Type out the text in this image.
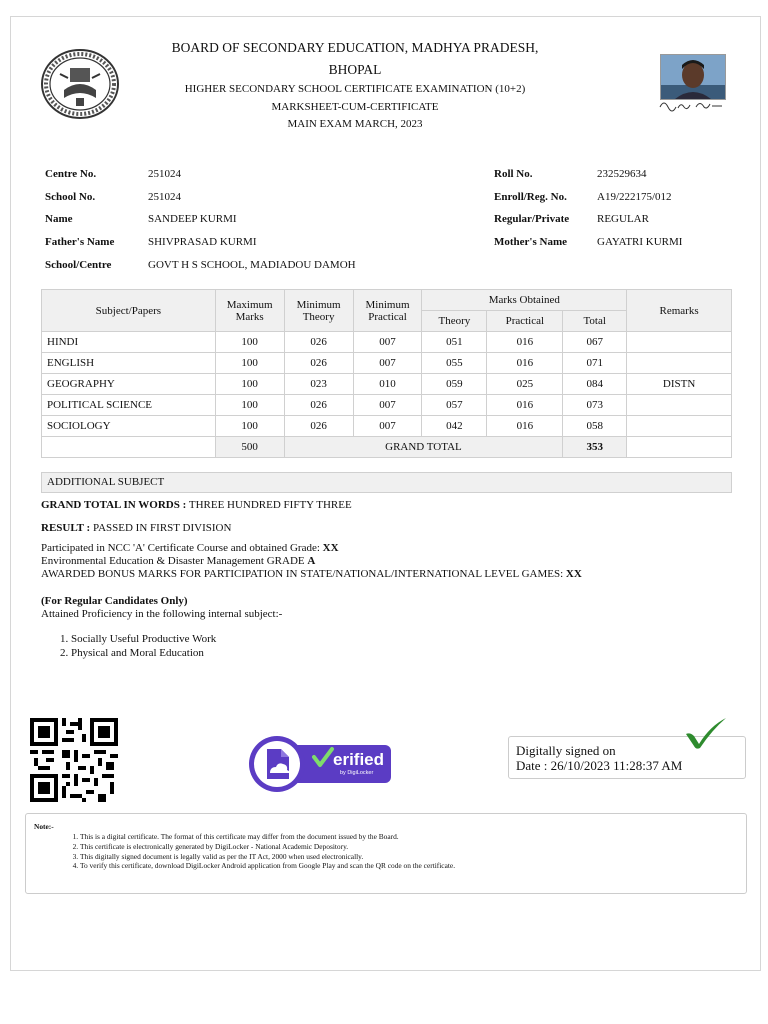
BOARD OF SECONDARY EDUCATION, MADHYA PRADESH,
BHOPAL
HIGHER SECONDARY SCHOOL CERTIFICATE EXAMINATION (10+2)
MARKSHEET-CUM-CERTIFICATE
MAIN EXAM MARCH, 2023
Centre No.	251024
School No.	251024
Name	SANDEEP KURMI
Father's Name	SHIVPRASAD KURMI
School/Centre	GOVT H S SCHOOL, MADIADOU DAMOH
Roll No.	232529634
Enroll/Reg. No.	A19/222175/012
Regular/Private	REGULAR
Mother's Name	GAYATRI KURMI
Subject/Papers	Maximum Marks	Minimum Theory	Minimum Practical	Marks Obtained			Remarks
				Theory	Practical	Total	
HINDI	100	026	007	051	016	067	
ENGLISH	100	026	007	055	016	071	
GEOGRAPHY	100	023	010	059	025	084	DISTN
POLITICAL SCIENCE	100	026	007	057	016	073	
SOCIOLOGY	100	026	007	042	016	058	
	500	GRAND TOTAL				353	
ADDITIONAL SUBJECT
GRAND TOTAL IN WORDS : THREE HUNDRED FIFTY THREE
RESULT : PASSED IN FIRST DIVISION
Participated in NCC 'A' Certificate Course and obtained Grade: XX
Environmental Education & Disaster Management GRADE A
AWARDED BONUS MARKS FOR PARTICIPATION IN STATE/NATIONAL/INTERNATIONAL LEVEL GAMES: XX
(For Regular Candidates Only)
Attained Proficiency in the following internal subject:-
1. Socially Useful Productive Work
2. Physical and Moral Education
erified
by DigiLocker
Digitally signed on
Date : 26/10/2023 11:28:37 AM
Note:-
1. This is a digital certificate. The format of this certificate may differ from the document issued by the Board.
2. This certificate is electronically generated by DigiLocker - National Academic Depository.
3. This digitally signed document is legally valid as per the IT Act, 2000 when used electronically.
4. To verify this certificate, download DigiLocker Android application from Google Play and scan the QR code on the certificate.
